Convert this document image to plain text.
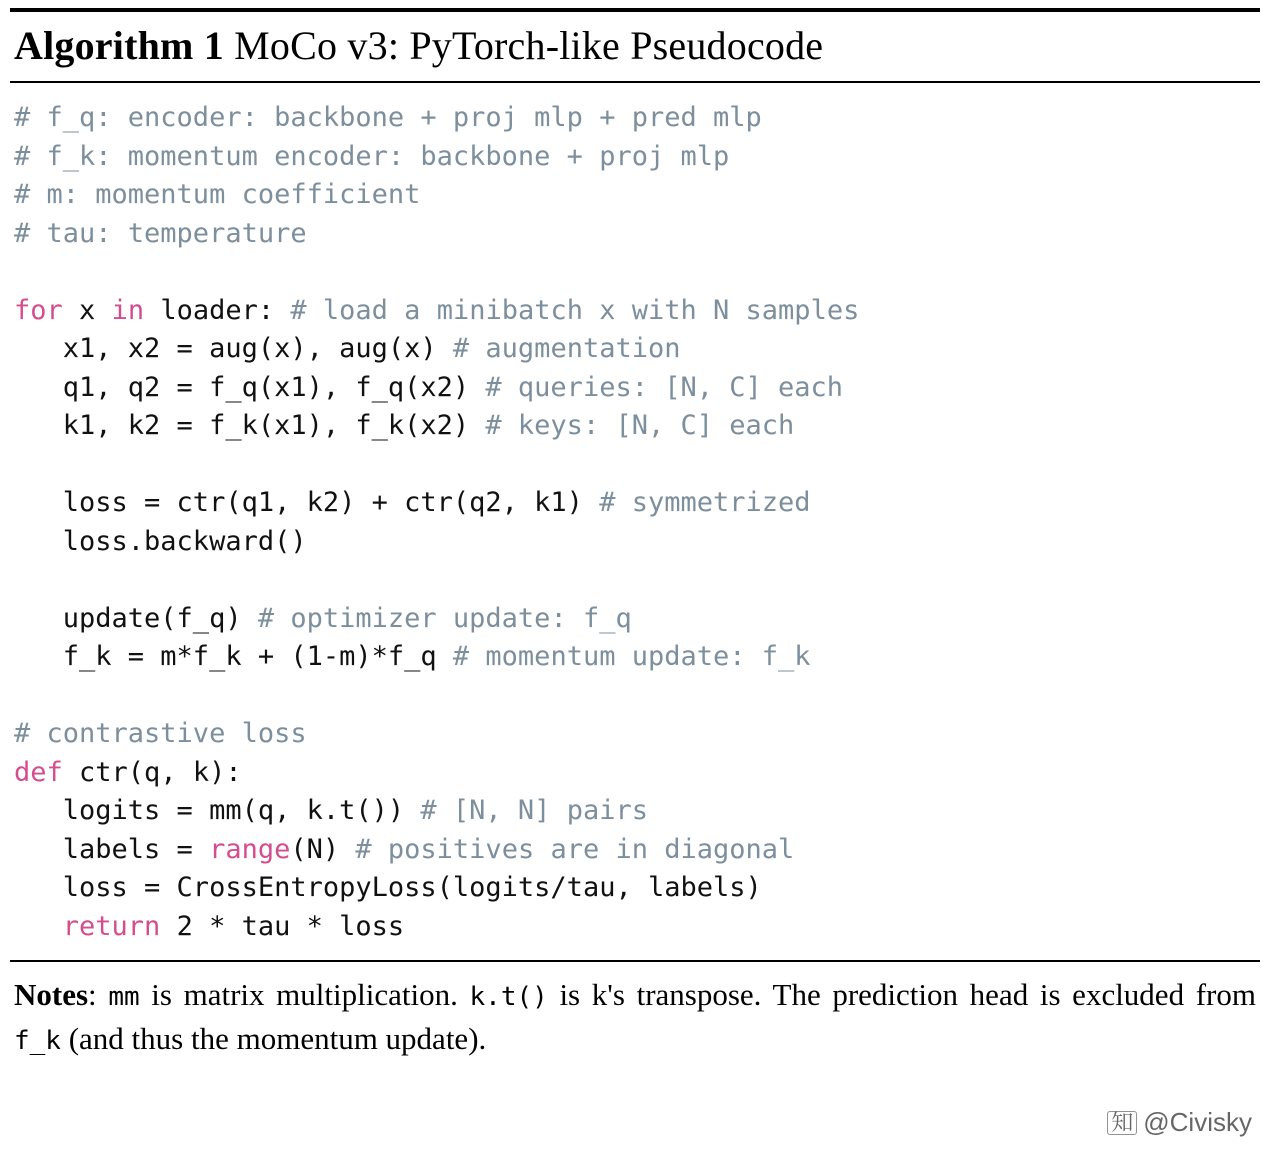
Algorithm 1 MoCo v3: PyTorch-like Pseudocode
# f_q: encoder: backbone + proj mlp + pred mlp
# f_k: momentum encoder: backbone + proj mlp
# m: momentum coefficient
# tau: temperature

for x in loader: # load a minibatch x with N samples
x1, x2 = aug(x), aug(x) # augmentation
q1, q2 = f_q(x1), f_q(x2) # queries: [N, C] each
k1, k2 = f_k(x1), f_k(x2) # keys: [N, C] each

loss = ctr(q1, k2) + ctr(q2, k1) # symmetrized
loss.backward()

update(f_q) # optimizer update: f_q
f_k = m*f_k + (1-m)*f_q # momentum update: f_k

# contrastive loss
def ctr(q, k):
logits = mm(q, k.t()) # [N, N] pairs
labels = range(N) # positives are in diagonal
loss = CrossEntropyLoss(logits/tau, labels)
return 2 * tau * loss
Notes: mm is matrix multiplication. k.t() is k's transpose. The prediction head is excluded from f_k (and thus the momentum update).
知 @Civisky
